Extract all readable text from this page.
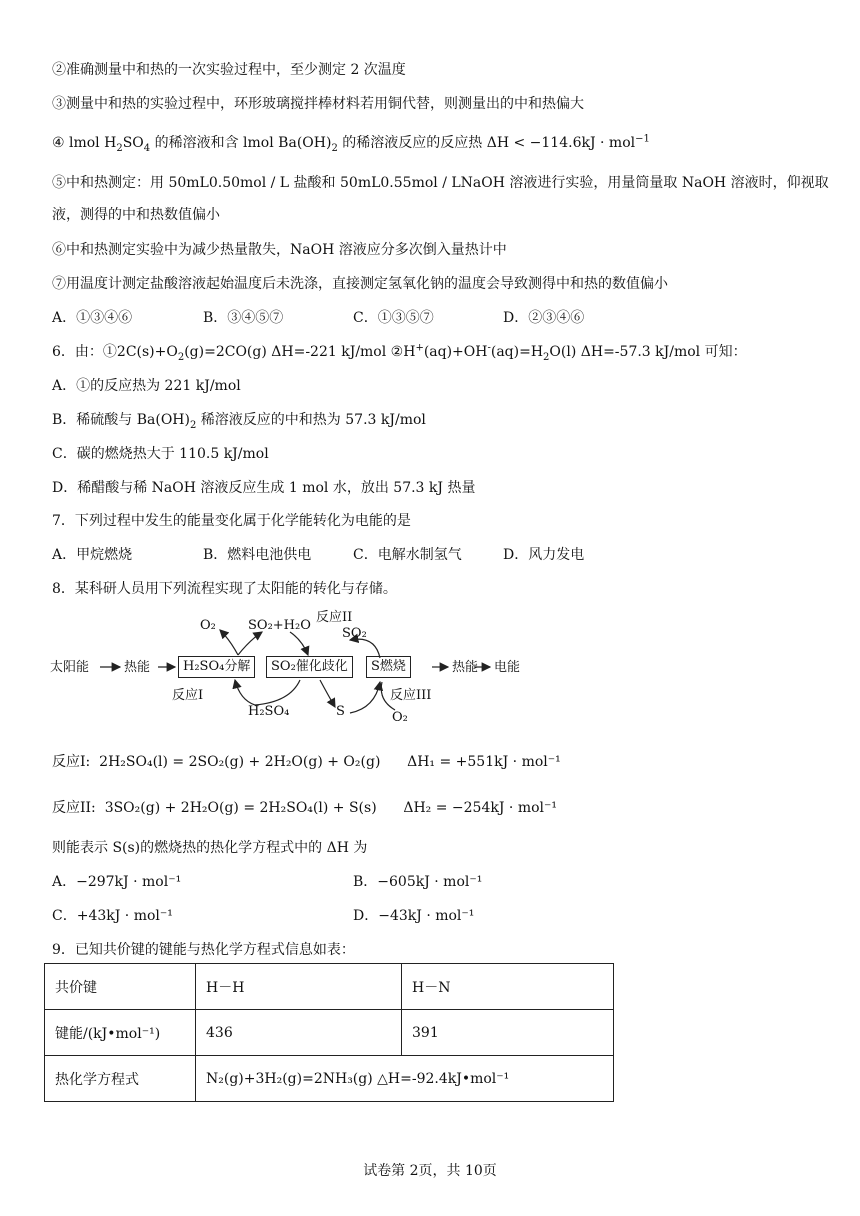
②准确测量中和热的一次实验过程中，至少测定 2 次温度
③测量中和热的实验过程中，环形玻璃搅拌棒材料若用铜代替，则测量出的中和热偏大
④ lmol $H_2SO_4$ 的稀溶液和含 lmol $Ba(OH)_2$ 的稀溶液反应的反应热 ΔH < −114.6kJ · mol$^{-1}$
⑤中和热测定：用 50mL0.50mol / L 盐酸和 50mL0.55mol / LNaOH 溶液进行实验，用量筒量取 NaOH 溶液时，仰视取
液，测得的中和热数值偏小
⑥中和热测定实验中为减少热量散失，NaOH 溶液应分多次倒入量热计中
⑦用温度计测定盐酸溶液起始温度后未洗涤，直接测定氢氧化钠的温度会导致测得中和热的数值偏小
A．①③④⑥	B．③④⑤⑦	C．①③⑤⑦	D．②③④⑥
6．由：$①2C(s)+O_2(g)=2CO(g)$ ΔH=-221 kJ/mol $②H^+(aq)+OH^-(aq)=H_2O(l)$ ΔH=-57.3 kJ/mol 可知：
A．①的反应热为 221 kJ/mol
B．稀硫酸与 $Ba(OH)_2$ 稀溶液反应的中和热为 57.3 kJ/mol
C．碳的燃烧热大于 110.5 kJ/mol
D．稀醋酸与稀 NaOH 溶液反应生成 1 mol 水，放出 57.3 kJ 热量
7．下列过程中发生的能量变化属于化学能转化为电能的是
A．甲烷燃烧	B．燃料电池供电	C．电解水制氢气	D．风力发电
8．某科研人员用下列流程实现了太阳能的转化与存储。
太阳能	热能	H₂SO₄分解	SO₂催化歧化	S燃烧	热能 电能
O₂ SO₂+H₂O
反应II
SO₂
反应I
H₂SO₄	S
反应III
O₂
反应I: 2H₂SO₄(l) = 2SO₂(g) + 2H₂O(g) + O₂(g) ΔH₁ = +551kJ · mol⁻¹
反应II: 3SO₂(g) + 2H₂O(g) = 2H₂SO₄(l) + S(s) ΔH₂ = −254kJ · mol⁻¹
则能表示 S(s)的燃烧热的热化学方程式中的 ΔH 为
A．−297kJ · mol⁻¹	B．−605kJ · mol⁻¹
C．+43kJ · mol⁻¹	D．−43kJ · mol⁻¹
9．已知共价键的键能与热化学方程式信息如表：
共价键	H－H	H－N
键能/(kJ•mol⁻¹)	436	391
热化学方程式	N₂(g)+3H₂(g)=2NH₃(g) △H=-92.4kJ•mol⁻¹	
试卷第 2页，共 10页
